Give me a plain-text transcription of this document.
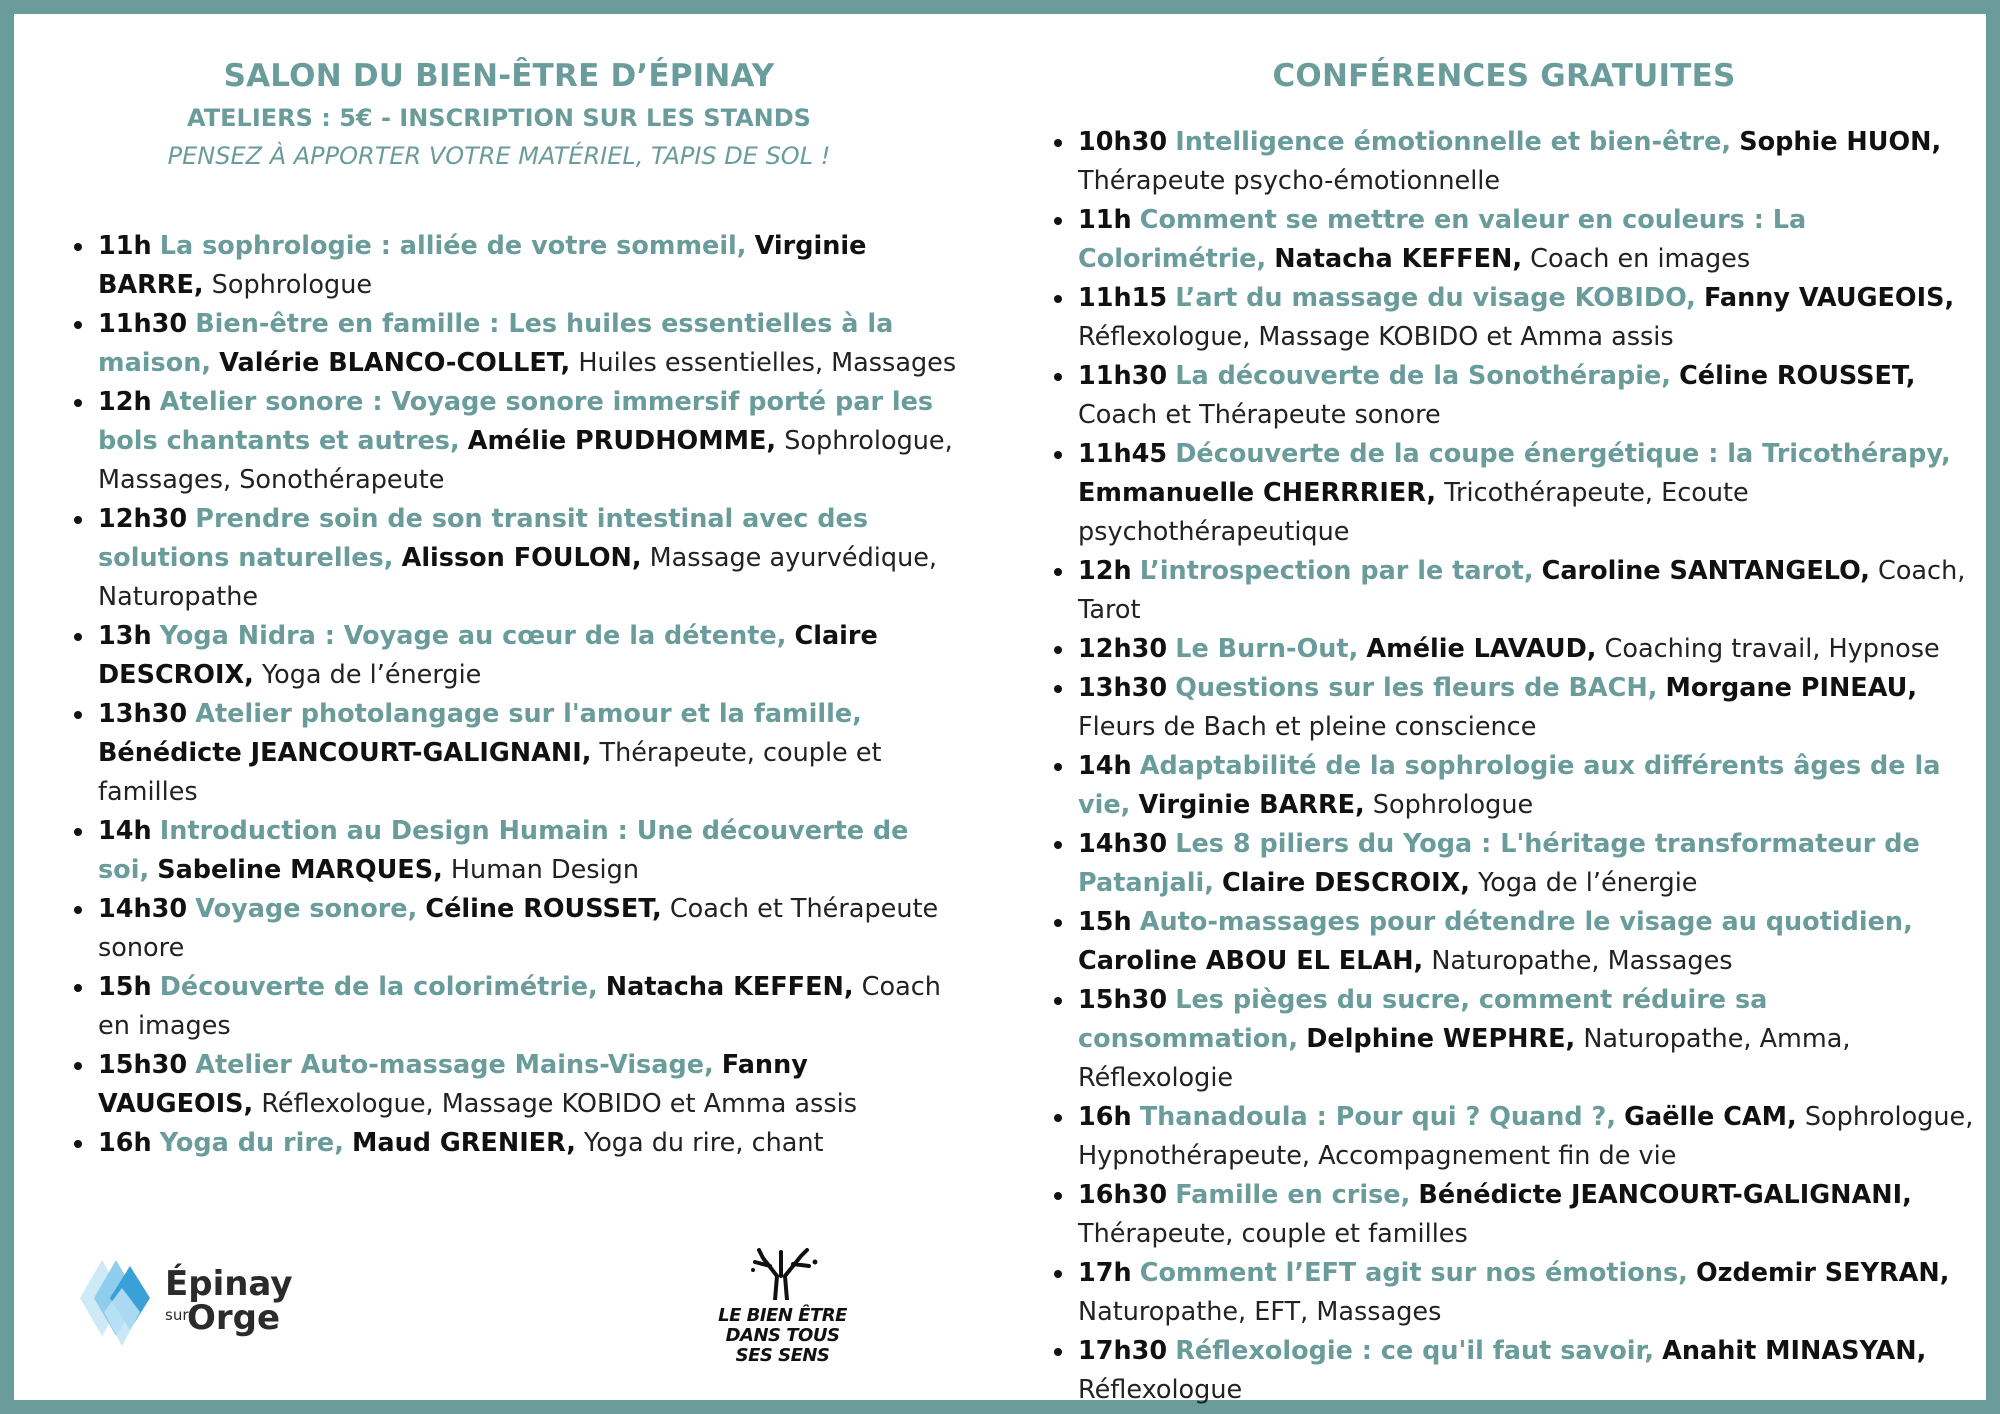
SALON DU BIEN-ÊTRE D’ÉPINAY
ATELIERS : 5€ - INSCRIPTION SUR LES STANDS
PENSEZ À APPORTER VOTRE MATÉRIEL, TAPIS DE SOL !
11h La sophrologie : alliée de votre sommeil, Virginie BARRE, Sophrologue
11h30 Bien-être en famille : Les huiles essentielles à la maison, Valérie BLANCO-COLLET, Huiles essentielles, Massages
12h Atelier sonore : Voyage sonore immersif porté par les bols chantants et autres, Amélie PRUDHOMME, Sophrologue, Massages, Sonothérapeute
12h30 Prendre soin de son transit intestinal avec des solutions naturelles, Alisson FOULON, Massage ayurvédique, Naturopathe
13h Yoga Nidra : Voyage au cœur de la détente, Claire DESCROIX, Yoga de l’énergie
13h30 Atelier photolangage sur l'amour et la famille, Bénédicte JEANCOURT-GALIGNANI, Thérapeute, couple et familles
14h Introduction au Design Humain : Une découverte de soi, Sabeline MARQUES, Human Design
14h30 Voyage sonore, Céline ROUSSET, Coach et Thérapeute sonore
15h Découverte de la colorimétrie, Natacha KEFFEN, Coach en images
15h30 Atelier Auto-massage Mains-Visage, Fanny VAUGEOIS, Réflexologue, Massage KOBIDO et Amma assis
16h Yoga du rire, Maud GRENIER, Yoga du rire, chant
CONFÉRENCES GRATUITES
10h30 Intelligence émotionnelle et bien-être, Sophie HUON, Thérapeute psycho-émotionnelle
11h Comment se mettre en valeur en couleurs : La Colorimétrie, Natacha KEFFEN, Coach en images
11h15 L’art du massage du visage KOBIDO, Fanny VAUGEOIS, Réflexologue, Massage KOBIDO et Amma assis
11h30 La découverte de la Sonothérapie, Céline ROUSSET, Coach et Thérapeute sonore
11h45 Découverte de la coupe énergétique : la Tricothérapy, Emmanuelle CHERRRIER, Tricothérapeute, Ecoute psychothérapeutique
12h L’introspection par le tarot, Caroline SANTANGELO, Coach, Tarot
12h30 Le Burn-Out, Amélie LAVAUD, Coaching travail, Hypnose
13h30 Questions sur les fleurs de BACH, Morgane PINEAU, Fleurs de Bach et pleine conscience
14h Adaptabilité de la sophrologie aux différents âges de la vie, Virginie BARRE, Sophrologue
14h30 Les 8 piliers du Yoga : L'héritage transformateur de Patanjali, Claire DESCROIX, Yoga de l’énergie
15h Auto-massages pour détendre le visage au quotidien, Caroline ABOU EL ELAH, Naturopathe, Massages
15h30 Les pièges du sucre, comment réduire sa consommation, Delphine WEPHRE, Naturopathe, Amma, Réflexologie
16h Thanadoula : Pour qui ? Quand ?, Gaëlle CAM, Sophrologue, Hypnothérapeute, Accompagnement fin de vie
16h30 Famille en crise, Bénédicte JEANCOURT-GALIGNANI, Thérapeute, couple et familles
17h Comment l’EFT agit sur nos émotions, Ozdemir SEYRAN, Naturopathe, EFT, Massages
17h30 Réflexologie : ce qu'il faut savoir, Anahit MINASYAN, Réflexologue
Épinay
sur
Orge	LE BIEN ÊTRE
DANS TOUS
SES SENS
